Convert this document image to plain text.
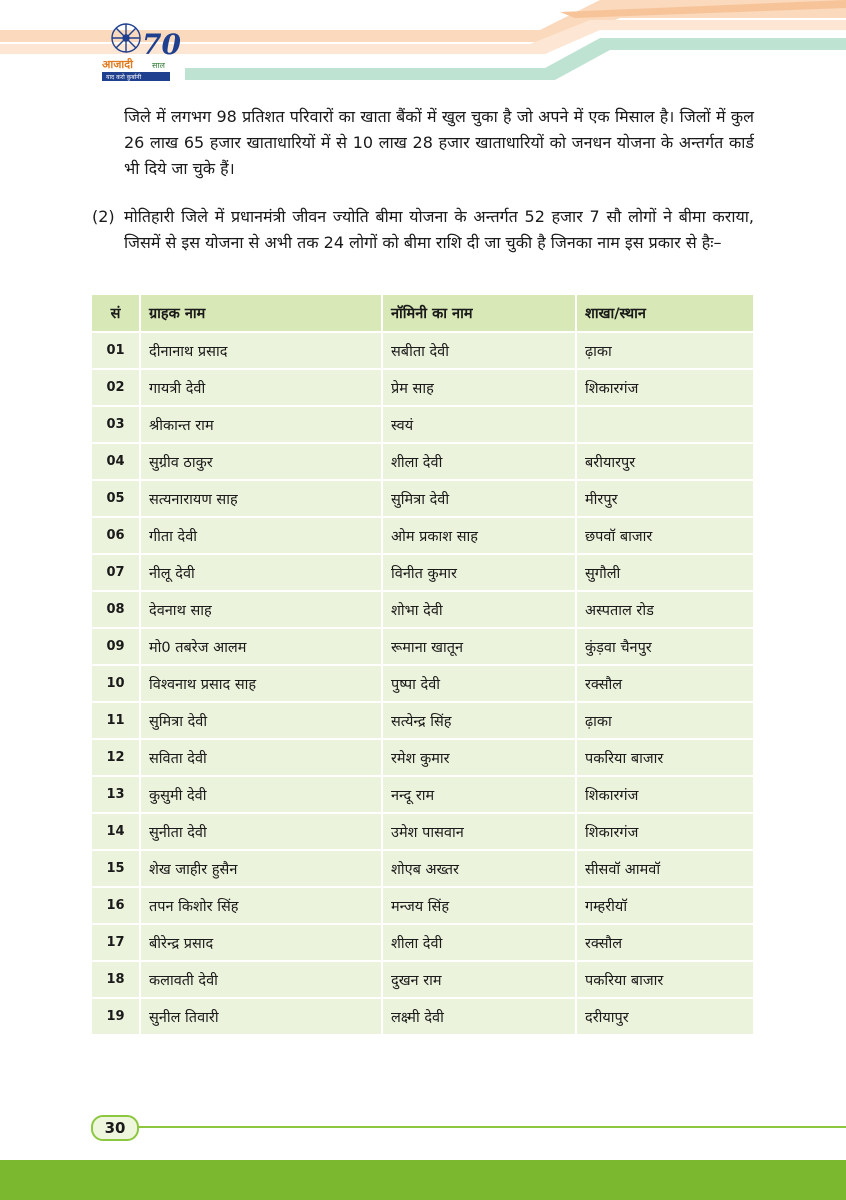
70
आजादी साल
याद करो कुर्बानी
जिले में लगभग 98 प्रतिशत परिवारों का खाता बैंकों में खुल चुका है जो अपने में एक मिसाल है। जिलों में कुल 26 लाख 65 हजार खाताधारियों में से 10 लाख 28 हजार खाताधारियों को जनधन योजना के अन्तर्गत कार्ड भी दिये जा चुके हैं।
(2) मोतिहारी जिले में प्रधानमंत्री जीवन ज्योति बीमा योजना के अन्तर्गत 52 हजार 7 सौ लोगों ने बीमा कराया, जिसमें से इस योजना से अभी तक 24 लोगों को बीमा राशि दी जा चुकी है जिनका नाम इस प्रकार से हैः–
सं	ग्राहक नाम	नॉमिनी का नाम	शाखा/स्थान
01	दीनानाथ प्रसाद	सबीता देवी	ढ़ाका
02	गायत्री देवी	प्रेम साह	शिकारगंज
03	श्रीकान्त राम	स्वयं	
04	सुग्रीव ठाकुर	शीला देवी	बरीयारपुर
05	सत्यनारायण साह	सुमित्रा देवी	मीरपुर
06	गीता देवी	ओम प्रकाश साह	छपवॉ बाजार
07	नीलू देवी	विनीत कुमार	सुगौली
08	देवनाथ साह	शोभा देवी	अस्पताल रोड
09	मो0 तबरेज आलम	रूमाना खातून	कुंड़वा चैनपुर
10	विश्वनाथ प्रसाद साह	पुष्पा देवी	रक्सौल
11	सुमित्रा देवी	सत्येन्द्र सिंह	ढ़ाका
12	सविता देवी	रमेश कुमार	पकरिया बाजार
13	कुसुमी देवी	नन्दू राम	शिकारगंज
14	सुनीता देवी	उमेश पासवान	शिकारगंज
15	शेख जाहीर हुसैन	शोएब अख्तर	सीसवॉ आमवॉ
16	तपन किशोर सिंह	मन्जय सिंह	गम्हरीयॉ
17	बीरेन्द्र प्रसाद	शीला देवी	रक्सौल
18	कलावती देवी	दुखन राम	पकरिया बाजार
19	सुनील तिवारी	लक्ष्मी देवी	दरीयापुर
30
